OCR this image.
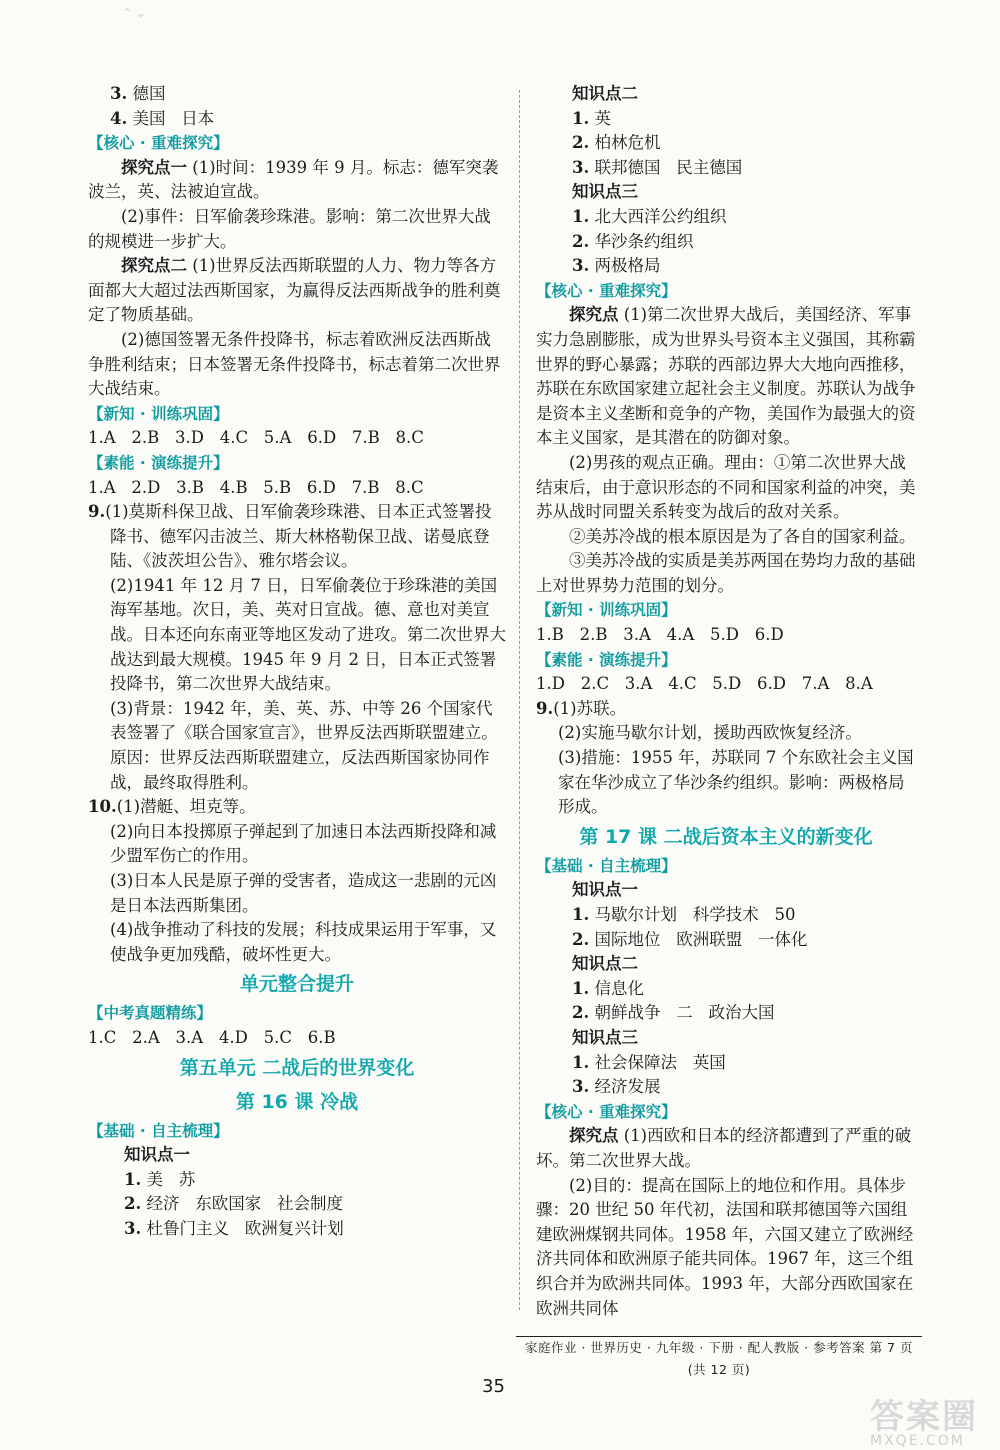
⌃ ⌄
3. 德国
4. 美国   日本
【核心 · 重难探究】
探究点一 (1)时间：1939 年 9 月。标志：德军突袭波兰，英、法被迫宣战。
(2)事件：日军偷袭珍珠港。影响：第二次世界大战的规模进一步扩大。
探究点二 (1)世界反法西斯联盟的人力、物力等各方面都大大超过法西斯国家，为赢得反法西斯战争的胜利奠定了物质基础。
(2)德国签署无条件投降书，标志着欧洲反法西斯战争胜利结束；日本签署无条件投降书，标志着第二次世界大战结束。
【新知 · 训练巩固】
1.A   2.B   3.D   4.C   5.A   6.D   7.B   8.C
【素能 · 演练提升】
1.A   2.D   3.B   4.B   5.B   6.D   7.B   8.C
9.(1)莫斯科保卫战、日军偷袭珍珠港、日本正式签署投降书、德军闪击波兰、斯大林格勒保卫战、诺曼底登陆、《波茨坦公告》、雅尔塔会议。
(2)1941 年 12 月 7 日，日军偷袭位于珍珠港的美国海军基地。次日，美、英对日宣战。德、意也对美宣战。日本还向东南亚等地区发动了进攻。第二次世界大战达到最大规模。1945 年 9 月 2 日，日本正式签署投降书，第二次世界大战结束。
(3)背景：1942 年，美、英、苏、中等 26 个国家代表签署了《联合国家宣言》，世界反法西斯联盟建立。原因：世界反法西斯联盟建立，反法西斯国家协同作战，最终取得胜利。
10.(1)潜艇、坦克等。
(2)向日本投掷原子弹起到了加速日本法西斯投降和减少盟军伤亡的作用。
(3)日本人民是原子弹的受害者，造成这一悲剧的元凶是日本法西斯集团。
(4)战争推动了科技的发展；科技成果运用于军事，又使战争更加残酷，破坏性更大。
单元整合提升
【中考真题精练】
1.C   2.A   3.A   4.D   5.C   6.B
第五单元 二战后的世界变化
第 16 课 冷战
【基础 · 自主梳理】
知识点一
1. 美   苏
2. 经济   东欧国家   社会制度
3. 杜鲁门主义   欧洲复兴计划
知识点二
1. 英
2. 柏林危机
3. 联邦德国   民主德国
知识点三
1. 北大西洋公约组织
2. 华沙条约组织
3. 两极格局
【核心 · 重难探究】
探究点 (1)第二次世界大战后，美国经济、军事实力急剧膨胀，成为世界头号资本主义强国，其称霸世界的野心暴露；苏联的西部边界大大地向西推移，苏联在东欧国家建立起社会主义制度。苏联认为战争是资本主义垄断和竞争的产物，美国作为最强大的资本主义国家，是其潜在的防御对象。
(2)男孩的观点正确。理由：①第二次世界大战结束后，由于意识形态的不同和国家利益的冲突，美苏从战时同盟关系转变为战后的敌对关系。
②美苏冷战的根本原因是为了各自的国家利益。
③美苏冷战的实质是美苏两国在势均力敌的基础上对世界势力范围的划分。
【新知 · 训练巩固】
1.B   2.B   3.A   4.A   5.D   6.D
【素能 · 演练提升】
1.D   2.C   3.A   4.C   5.D   6.D   7.A   8.A
9.(1)苏联。
(2)实施马歇尔计划，援助西欧恢复经济。
(3)措施：1955 年，苏联同 7 个东欧社会主义国家在华沙成立了华沙条约组织。影响：两极格局形成。
第 17 课 二战后资本主义的新变化
【基础 · 自主梳理】
知识点一
1. 马歇尔计划   科学技术   50
2. 国际地位   欧洲联盟   一体化
知识点二
1. 信息化
2. 朝鲜战争   二   政治大国
知识点三
1. 社会保障法   英国
3. 经济发展
【核心 · 重难探究】
探究点 (1)西欧和日本的经济都遭到了严重的破坏。第二次世界大战。
(2)目的：提高在国际上的地位和作用。具体步骤：20 世纪 50 年代初，法国和联邦德国等六国组建欧洲煤钢共同体。1958 年，六国又建立了欧洲经济共同体和欧洲原子能共同体。1967 年，这三个组织合并为欧洲共同体。1993 年，大部分西欧国家在欧洲共同体
家庭作业 · 世界历史 · 九年级 · 下册 · 配人教版 · 参考答案 第 7 页(共 12 页)
35
答案圈
MXQE.COM
